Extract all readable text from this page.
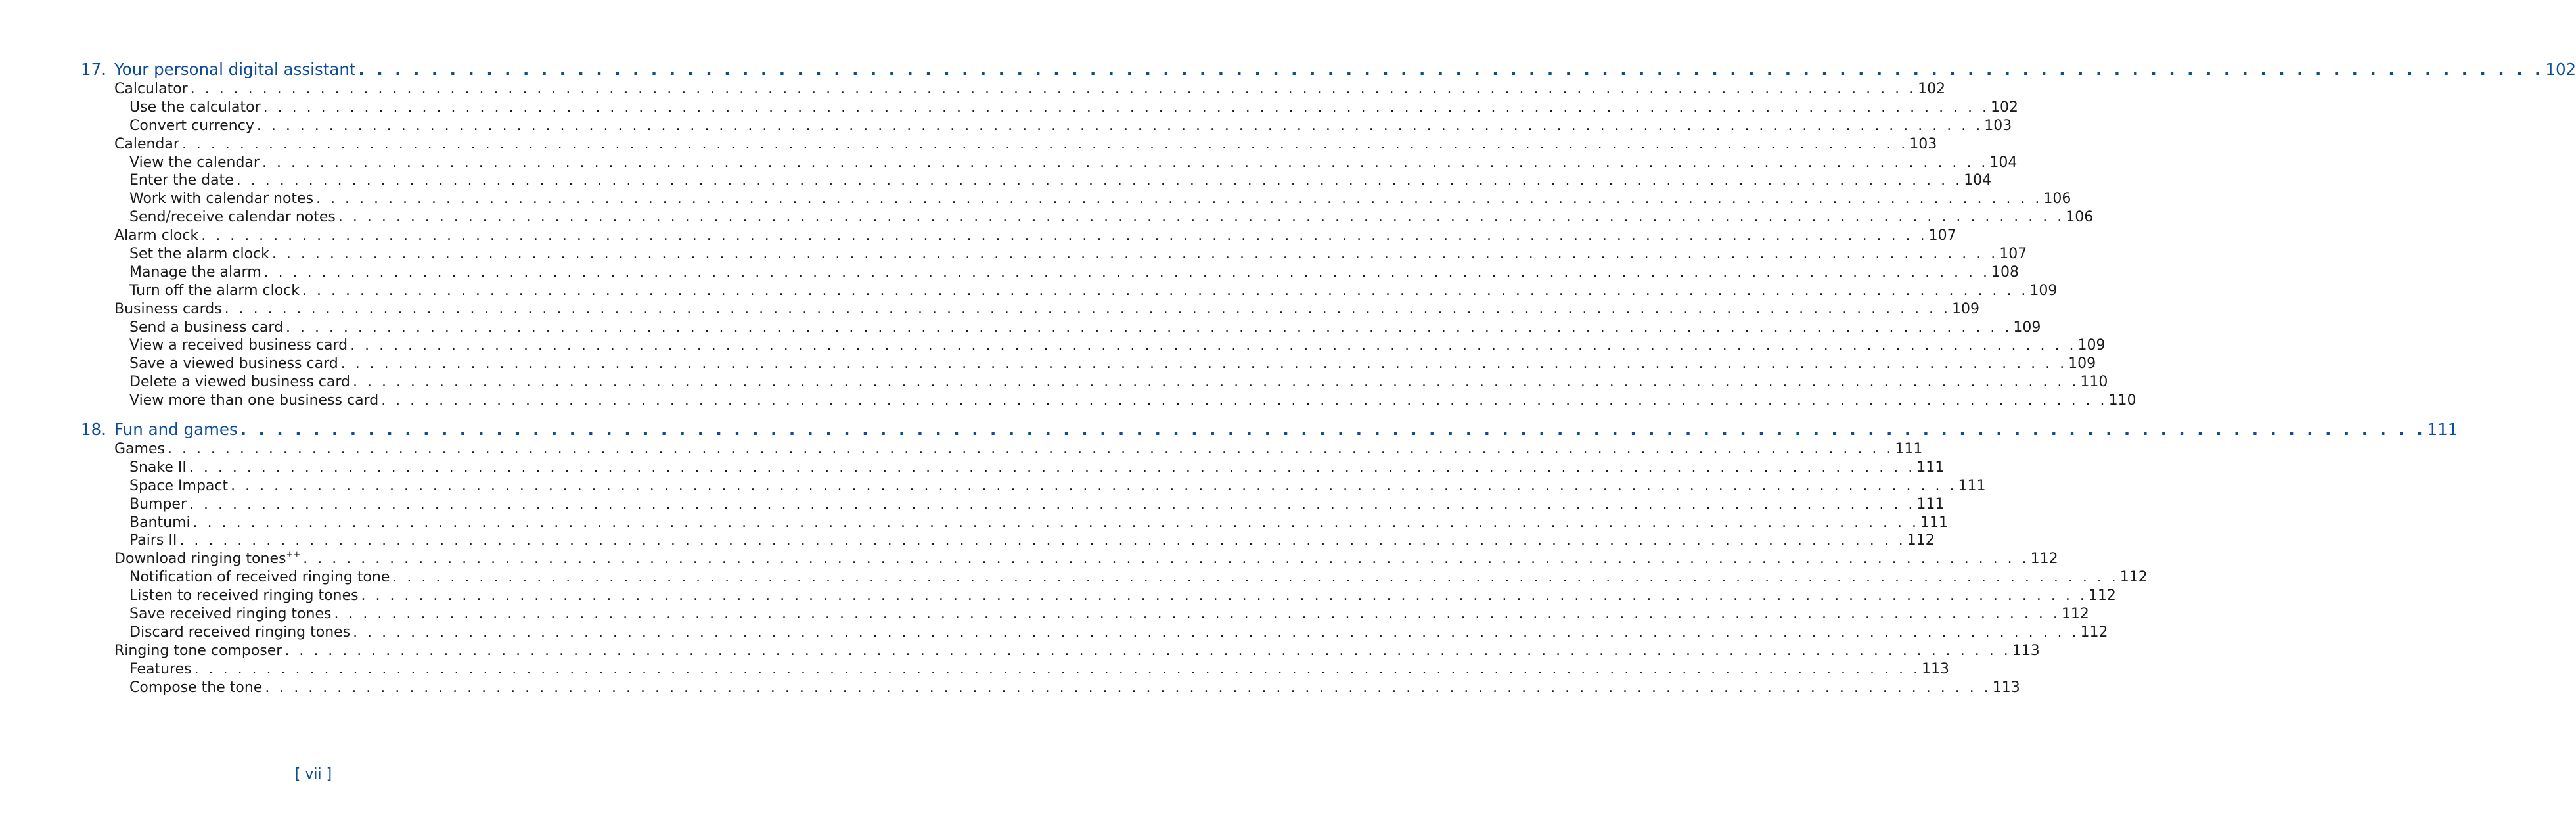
17. Your personal digital assistant . . . . . . . . . . . . . . . . . . . . . . . . . . . . . . . . . . . . . . . . . . . . . . . . . . . . . . . . . . . . . . . . . . . . . . . . . . . . . . . . . . . . . . . . . . . . . . . . . . . . . . . . . . . . . . . . . . . . . . . . 102
Calculator . . . . . . . . . . . . . . . . . . . . . . . . . . . . . . . . . . . . . . . . . . . . . . . . . . . . . . . . . . . . . . . . . . . . . . . . . . . . . . . . . . . . . . . . . . . . . . . . . . . . . . . . . . . . . . . . . . . . . . . . 102
Use the calculator . . . . . . . . . . . . . . . . . . . . . . . . . . . . . . . . . . . . . . . . . . . . . . . . . . . . . . . . . . . . . . . . . . . . . . . . . . . . . . . . . . . . . . . . . . . . . . . . . . . . . . . . . . . . . . . . . . . . . . . . 102
Convert currency . . . . . . . . . . . . . . . . . . . . . . . . . . . . . . . . . . . . . . . . . . . . . . . . . . . . . . . . . . . . . . . . . . . . . . . . . . . . . . . . . . . . . . . . . . . . . . . . . . . . . . . . . . . . . . . . . . . . . . . . 103
Calendar . . . . . . . . . . . . . . . . . . . . . . . . . . . . . . . . . . . . . . . . . . . . . . . . . . . . . . . . . . . . . . . . . . . . . . . . . . . . . . . . . . . . . . . . . . . . . . . . . . . . . . . . . . . . . . . . . . . . . . . . 103
View the calendar . . . . . . . . . . . . . . . . . . . . . . . . . . . . . . . . . . . . . . . . . . . . . . . . . . . . . . . . . . . . . . . . . . . . . . . . . . . . . . . . . . . . . . . . . . . . . . . . . . . . . . . . . . . . . . . . . . . . . . . . 104
Enter the date . . . . . . . . . . . . . . . . . . . . . . . . . . . . . . . . . . . . . . . . . . . . . . . . . . . . . . . . . . . . . . . . . . . . . . . . . . . . . . . . . . . . . . . . . . . . . . . . . . . . . . . . . . . . . . . . . . . . . . . . 104
Work with calendar notes . . . . . . . . . . . . . . . . . . . . . . . . . . . . . . . . . . . . . . . . . . . . . . . . . . . . . . . . . . . . . . . . . . . . . . . . . . . . . . . . . . . . . . . . . . . . . . . . . . . . . . . . . . . . . . . . . . . . . . . . 106
Send/receive calendar notes . . . . . . . . . . . . . . . . . . . . . . . . . . . . . . . . . . . . . . . . . . . . . . . . . . . . . . . . . . . . . . . . . . . . . . . . . . . . . . . . . . . . . . . . . . . . . . . . . . . . . . . . . . . . . . . . . . . . . . . . 106
Alarm clock . . . . . . . . . . . . . . . . . . . . . . . . . . . . . . . . . . . . . . . . . . . . . . . . . . . . . . . . . . . . . . . . . . . . . . . . . . . . . . . . . . . . . . . . . . . . . . . . . . . . . . . . . . . . . . . . . . . . . . . . 107
Set the alarm clock . . . . . . . . . . . . . . . . . . . . . . . . . . . . . . . . . . . . . . . . . . . . . . . . . . . . . . . . . . . . . . . . . . . . . . . . . . . . . . . . . . . . . . . . . . . . . . . . . . . . . . . . . . . . . . . . . . . . . . . . 107
Manage the alarm . . . . . . . . . . . . . . . . . . . . . . . . . . . . . . . . . . . . . . . . . . . . . . . . . . . . . . . . . . . . . . . . . . . . . . . . . . . . . . . . . . . . . . . . . . . . . . . . . . . . . . . . . . . . . . . . . . . . . . . . 108
Turn off the alarm clock . . . . . . . . . . . . . . . . . . . . . . . . . . . . . . . . . . . . . . . . . . . . . . . . . . . . . . . . . . . . . . . . . . . . . . . . . . . . . . . . . . . . . . . . . . . . . . . . . . . . . . . . . . . . . . . . . . . . . . . . 109
Business cards . . . . . . . . . . . . . . . . . . . . . . . . . . . . . . . . . . . . . . . . . . . . . . . . . . . . . . . . . . . . . . . . . . . . . . . . . . . . . . . . . . . . . . . . . . . . . . . . . . . . . . . . . . . . . . . . . . . . . . . . 109
Send a business card . . . . . . . . . . . . . . . . . . . . . . . . . . . . . . . . . . . . . . . . . . . . . . . . . . . . . . . . . . . . . . . . . . . . . . . . . . . . . . . . . . . . . . . . . . . . . . . . . . . . . . . . . . . . . . . . . . . . . . . . 109
View a received business card . . . . . . . . . . . . . . . . . . . . . . . . . . . . . . . . . . . . . . . . . . . . . . . . . . . . . . . . . . . . . . . . . . . . . . . . . . . . . . . . . . . . . . . . . . . . . . . . . . . . . . . . . . . . . . . . . . . . . . . . 109
Save a viewed business card . . . . . . . . . . . . . . . . . . . . . . . . . . . . . . . . . . . . . . . . . . . . . . . . . . . . . . . . . . . . . . . . . . . . . . . . . . . . . . . . . . . . . . . . . . . . . . . . . . . . . . . . . . . . . . . . . . . . . . . . 109
Delete a viewed business card . . . . . . . . . . . . . . . . . . . . . . . . . . . . . . . . . . . . . . . . . . . . . . . . . . . . . . . . . . . . . . . . . . . . . . . . . . . . . . . . . . . . . . . . . . . . . . . . . . . . . . . . . . . . . . . . . . . . . . . . 110
View more than one business card . . . . . . . . . . . . . . . . . . . . . . . . . . . . . . . . . . . . . . . . . . . . . . . . . . . . . . . . . . . . . . . . . . . . . . . . . . . . . . . . . . . . . . . . . . . . . . . . . . . . . . . . . . . . . . . . . . . . . . . . 110
18. Fun and games . . . . . . . . . . . . . . . . . . . . . . . . . . . . . . . . . . . . . . . . . . . . . . . . . . . . . . . . . . . . . . . . . . . . . . . . . . . . . . . . . . . . . . . . . . . . . . . . . . . . . . . . . . . . . . . . . . . . . . . . 111
Games . . . . . . . . . . . . . . . . . . . . . . . . . . . . . . . . . . . . . . . . . . . . . . . . . . . . . . . . . . . . . . . . . . . . . . . . . . . . . . . . . . . . . . . . . . . . . . . . . . . . . . . . . . . . . . . . . . . . . . . . 111
Snake II . . . . . . . . . . . . . . . . . . . . . . . . . . . . . . . . . . . . . . . . . . . . . . . . . . . . . . . . . . . . . . . . . . . . . . . . . . . . . . . . . . . . . . . . . . . . . . . . . . . . . . . . . . . . . . . . . . . . . . . . 111
Space Impact . . . . . . . . . . . . . . . . . . . . . . . . . . . . . . . . . . . . . . . . . . . . . . . . . . . . . . . . . . . . . . . . . . . . . . . . . . . . . . . . . . . . . . . . . . . . . . . . . . . . . . . . . . . . . . . . . . . . . . . . 111
Bumper . . . . . . . . . . . . . . . . . . . . . . . . . . . . . . . . . . . . . . . . . . . . . . . . . . . . . . . . . . . . . . . . . . . . . . . . . . . . . . . . . . . . . . . . . . . . . . . . . . . . . . . . . . . . . . . . . . . . . . . . 111
Bantumi . . . . . . . . . . . . . . . . . . . . . . . . . . . . . . . . . . . . . . . . . . . . . . . . . . . . . . . . . . . . . . . . . . . . . . . . . . . . . . . . . . . . . . . . . . . . . . . . . . . . . . . . . . . . . . . . . . . . . . . . 111
Pairs II . . . . . . . . . . . . . . . . . . . . . . . . . . . . . . . . . . . . . . . . . . . . . . . . . . . . . . . . . . . . . . . . . . . . . . . . . . . . . . . . . . . . . . . . . . . . . . . . . . . . . . . . . . . . . . . . . . . . . . . . 112
Download ringing tones++ . . . . . . . . . . . . . . . . . . . . . . . . . . . . . . . . . . . . . . . . . . . . . . . . . . . . . . . . . . . . . . . . . . . . . . . . . . . . . . . . . . . . . . . . . . . . . . . . . . . . . . . . . . . . . . . . . . . . . . . . 112
Notification of received ringing tone . . . . . . . . . . . . . . . . . . . . . . . . . . . . . . . . . . . . . . . . . . . . . . . . . . . . . . . . . . . . . . . . . . . . . . . . . . . . . . . . . . . . . . . . . . . . . . . . . . . . . . . . . . . . . . . . . . . . . . . . 112
Listen to received ringing tones . . . . . . . . . . . . . . . . . . . . . . . . . . . . . . . . . . . . . . . . . . . . . . . . . . . . . . . . . . . . . . . . . . . . . . . . . . . . . . . . . . . . . . . . . . . . . . . . . . . . . . . . . . . . . . . . . . . . . . . . 112
Save received ringing tones . . . . . . . . . . . . . . . . . . . . . . . . . . . . . . . . . . . . . . . . . . . . . . . . . . . . . . . . . . . . . . . . . . . . . . . . . . . . . . . . . . . . . . . . . . . . . . . . . . . . . . . . . . . . . . . . . . . . . . . . 112
Discard received ringing tones . . . . . . . . . . . . . . . . . . . . . . . . . . . . . . . . . . . . . . . . . . . . . . . . . . . . . . . . . . . . . . . . . . . . . . . . . . . . . . . . . . . . . . . . . . . . . . . . . . . . . . . . . . . . . . . . . . . . . . . . 112
Ringing tone composer . . . . . . . . . . . . . . . . . . . . . . . . . . . . . . . . . . . . . . . . . . . . . . . . . . . . . . . . . . . . . . . . . . . . . . . . . . . . . . . . . . . . . . . . . . . . . . . . . . . . . . . . . . . . . . . . . . . . . . . . 113
Features . . . . . . . . . . . . . . . . . . . . . . . . . . . . . . . . . . . . . . . . . . . . . . . . . . . . . . . . . . . . . . . . . . . . . . . . . . . . . . . . . . . . . . . . . . . . . . . . . . . . . . . . . . . . . . . . . . . . . . . . 113
Compose the tone . . . . . . . . . . . . . . . . . . . . . . . . . . . . . . . . . . . . . . . . . . . . . . . . . . . . . . . . . . . . . . . . . . . . . . . . . . . . . . . . . . . . . . . . . . . . . . . . . . . . . . . . . . . . . . . . . . . . . . . . 113
[ vii ]
